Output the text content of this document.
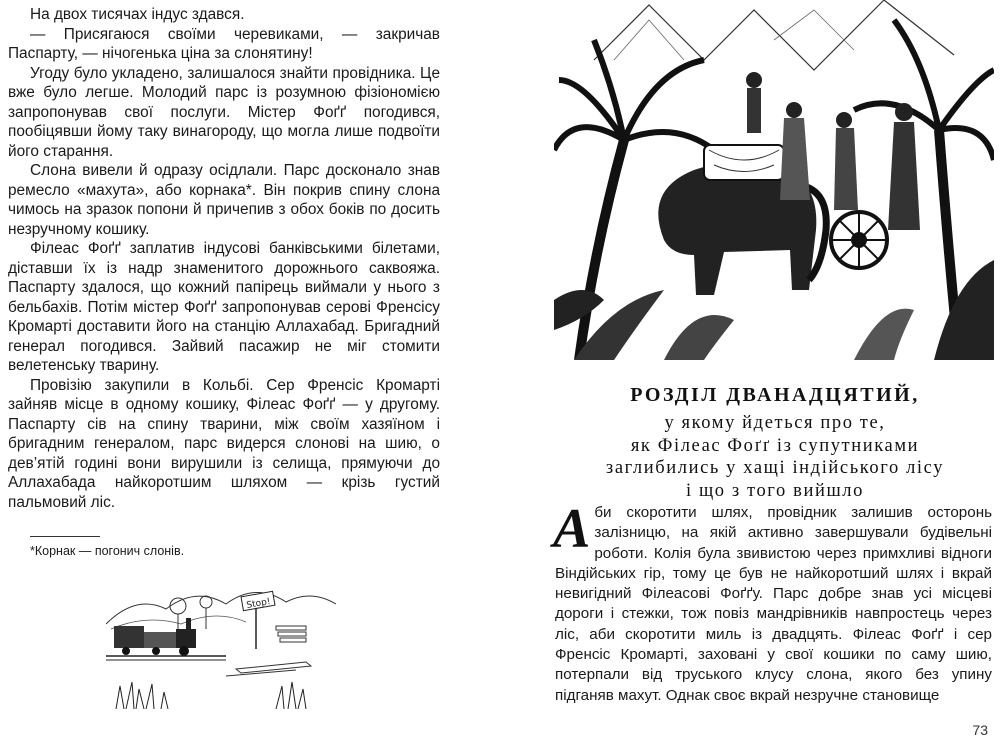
На двох тисячах індус здався.

— Присягаюся своїми черевиками, — закричав Паспарту, — нічогенька ціна за слонятину!

Угоду було укладено, залишалося знайти провідника. Це вже було легше. Молодий парс із розумною фізіономією запропонував свої послуги. Містер Фоґґ погодився, пообіцявши йому таку винагороду, що могла лише подвоїти його старання.

Слона вивели й одразу осідлали. Парс досконало знав ремесло «махута», або корнака*. Він покрив спину слона чимось на зразок попони й причепив з обох боків по досить незручному кошику.

Філеас Фоґґ заплатив індусові банківськими білетами, діставши їх із надр знаменитого дорожнього саквояжа. Паспарту здалося, що кожний папірець виймали у нього з бельбахів. Потім містер Фоґґ запропонував серові Френсісу Кромарті доставити його на станцію Аллахабад. Бригадний генерал погодився. Зайвий пасажир не міг стомити велетенську тварину.

Провізію закупили в Кольбі. Сер Френсіс Кромарті зайняв місце в одному кошику, Філеас Фоґґ — у другому. Паспарту сів на спину тварини, між своїм хазяїном і бригадним генералом, парс видерся слонові на шию, о дев’ятій годині вони вирушили із селища, прямуючи до Аллахабада найкоротшим шляхом — крізь густий пальмовий ліс.

*Корнак — погонич слонів.
Stop!
РОЗДІЛ ДВАНАДЦЯТИЙ,
у якому йдеться про те,
як Філеас Фоґґ із супутниками
заглибились у хащі індійського лісу
і що з того вийшло
Аби скоротити шлях, провідник залишив осторонь залізницю, на якій активно завершували будівельні роботи. Колія була звивистою через примхливі відноги Віндійських гір, тому це був не найкоротший шлях і вкрай невигідний Філеасові Фоґґу. Парс добре знав усі місцеві дороги і стежки, тож повіз мандрівників навпростець через ліс, аби скоротити миль із двадцять. Філеас Фоґґ і сер Френсіс Кромарті, заховані у свої кошики по саму шию, потерпали від труського клусу слона, якого без упину підганяв махут. Однак своє вкрай незручне становище
73
